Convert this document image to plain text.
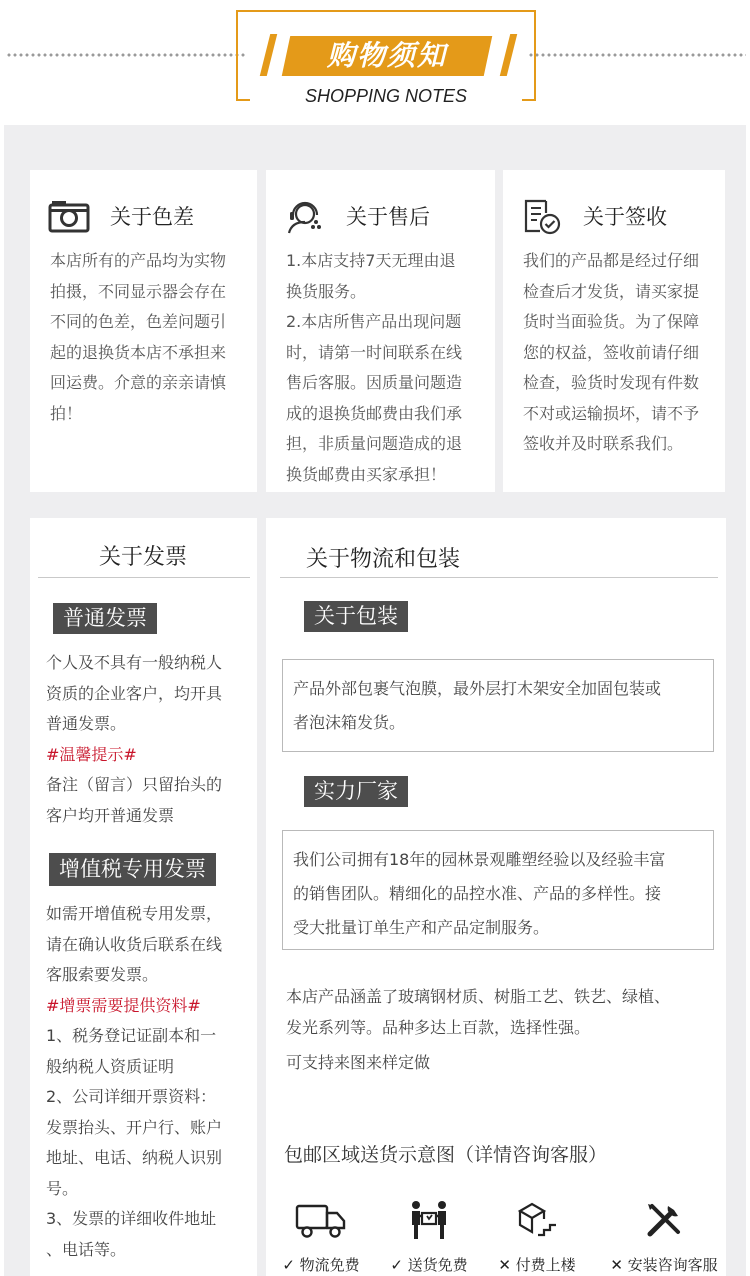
购物须知
SHOPPING NOTES
关于色差
本店所有的产品均为实物
拍摄，不同显示器会存在
不同的色差，色差问题引
起的退换货本店不承担来
回运费。介意的亲亲请慎
拍！
关于售后
1.本店支持7天无理由退
换货服务。
2.本店所售产品出现问题
时，请第一时间联系在线
售后客服。因质量问题造
成的退换货邮费由我们承
担，非质量问题造成的退
换货邮费由买家承担！
关于签收
我们的产品都是经过仔细
检查后才发货，请买家提
货时当面验货。为了保障
您的权益，签收前请仔细
检查，验货时发现有件数
不对或运输损坏，请不予
签收并及时联系我们。
关于发票
普通发票
个人及不具有一般纳税人
资质的企业客户，均开具
普通发票。
#温馨提示#
备注（留言）只留抬头的
客户均开普通发票
增值税专用发票
如需开增值税专用发票，
请在确认收货后联系在线
客服索要发票。
#增票需要提供资料#
1、税务登记证副本和一
般纳税人资质证明
2、公司详细开票资料：
发票抬头、开户行、账户
地址、电话、纳税人识别
号。
3、发票的详细收件地址
、电话等。
关于物流和包装
关于包装
产品外部包裹气泡膜，最外层打木架安全加固包装或
者泡沫箱发货。
实力厂家
我们公司拥有18年的园林景观雕塑经验以及经验丰富
的销售团队。精细化的品控水准、产品的多样性。接
受大批量订单生产和产品定制服务。
本店产品涵盖了玻璃钢材质、树脂工艺、铁艺、绿植、
发光系列等。品种多达上百款，选择性强。
可支持来图来样定做
包邮区域送货示意图（详情咨询客服）
✓ 物流免费	✓ 送货免费	✕ 付费上楼	✕ 安装咨询客服
